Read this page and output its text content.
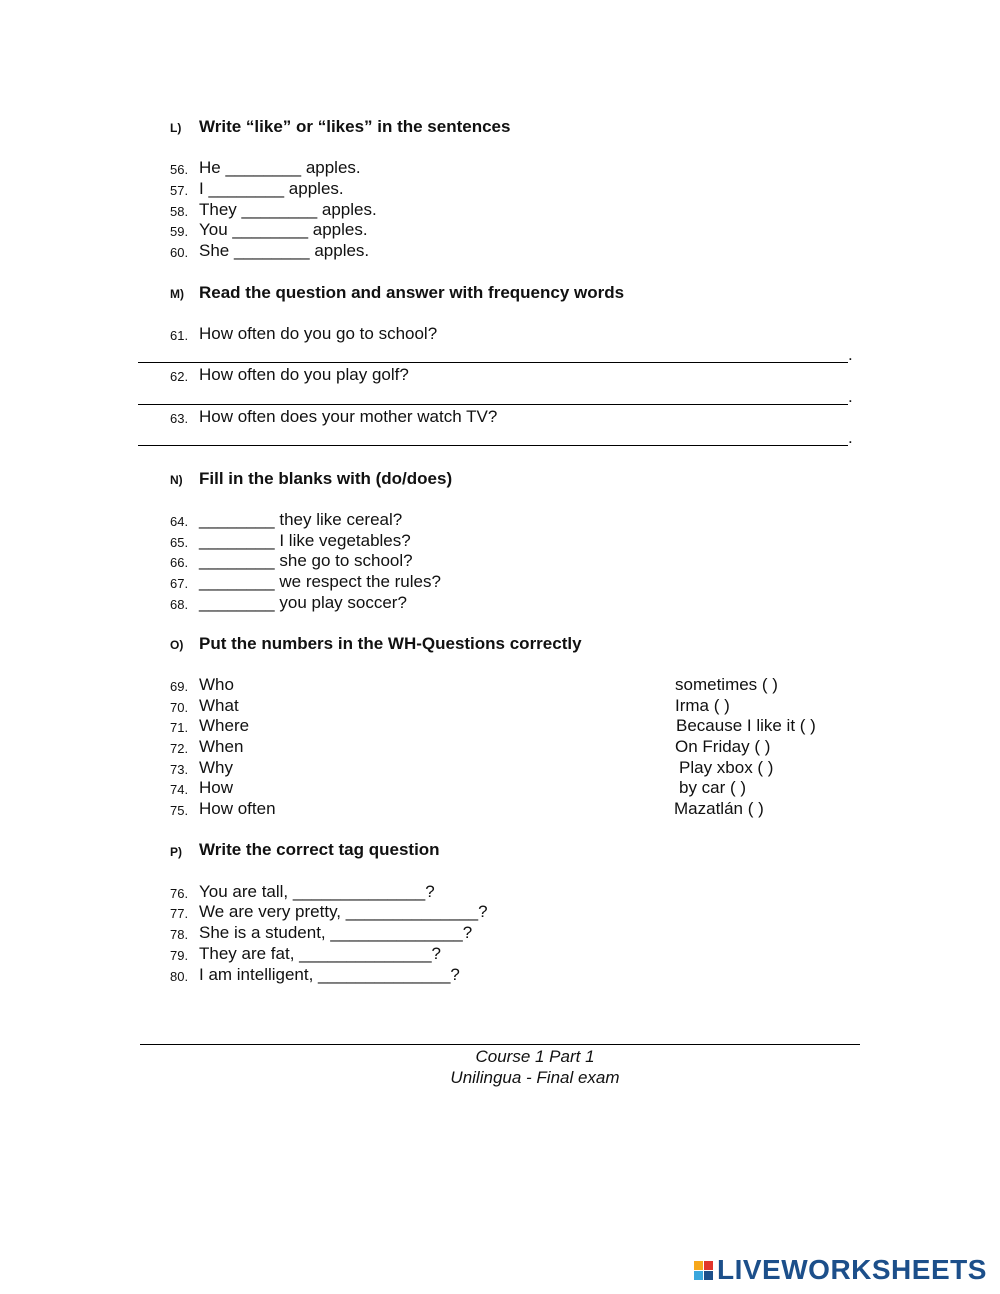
L) Write “like” or “likes” in the sentences
56. He ________ apples.
57. I ________ apples.
58. They ________ apples.
59. You ________ apples.
60. She ________ apples.
M) Read the question and answer with frequency words
61. How often do you go to school?
.
62. How often do you play golf?
.
63. How often does your mother watch TV?
.
N) Fill in the blanks with (do/does)
64. ________ they like cereal?
65. ________ I like vegetables?
66. ________ she go to school?
67. ________ we respect the rules?
68. ________ you play soccer?
O) Put the numbers in the WH-Questions correctly
69. Who	sometimes ( )
70. What	Irma ( )
71. Where	Because I like it ( )
72. When	On Friday ( )
73. Why	Play xbox ( )
74. How	by car ( )
75. How often	Mazatlán ( )
P) Write the correct tag question
76. You are tall, ______________?
77. We are very pretty, ______________?
78. She is a student, ______________?
79. They are fat, ______________?
80. I am intelligent, ______________?
Course 1 Part 1
Unilingua - Final exam
LIVEWORKSHEETS
